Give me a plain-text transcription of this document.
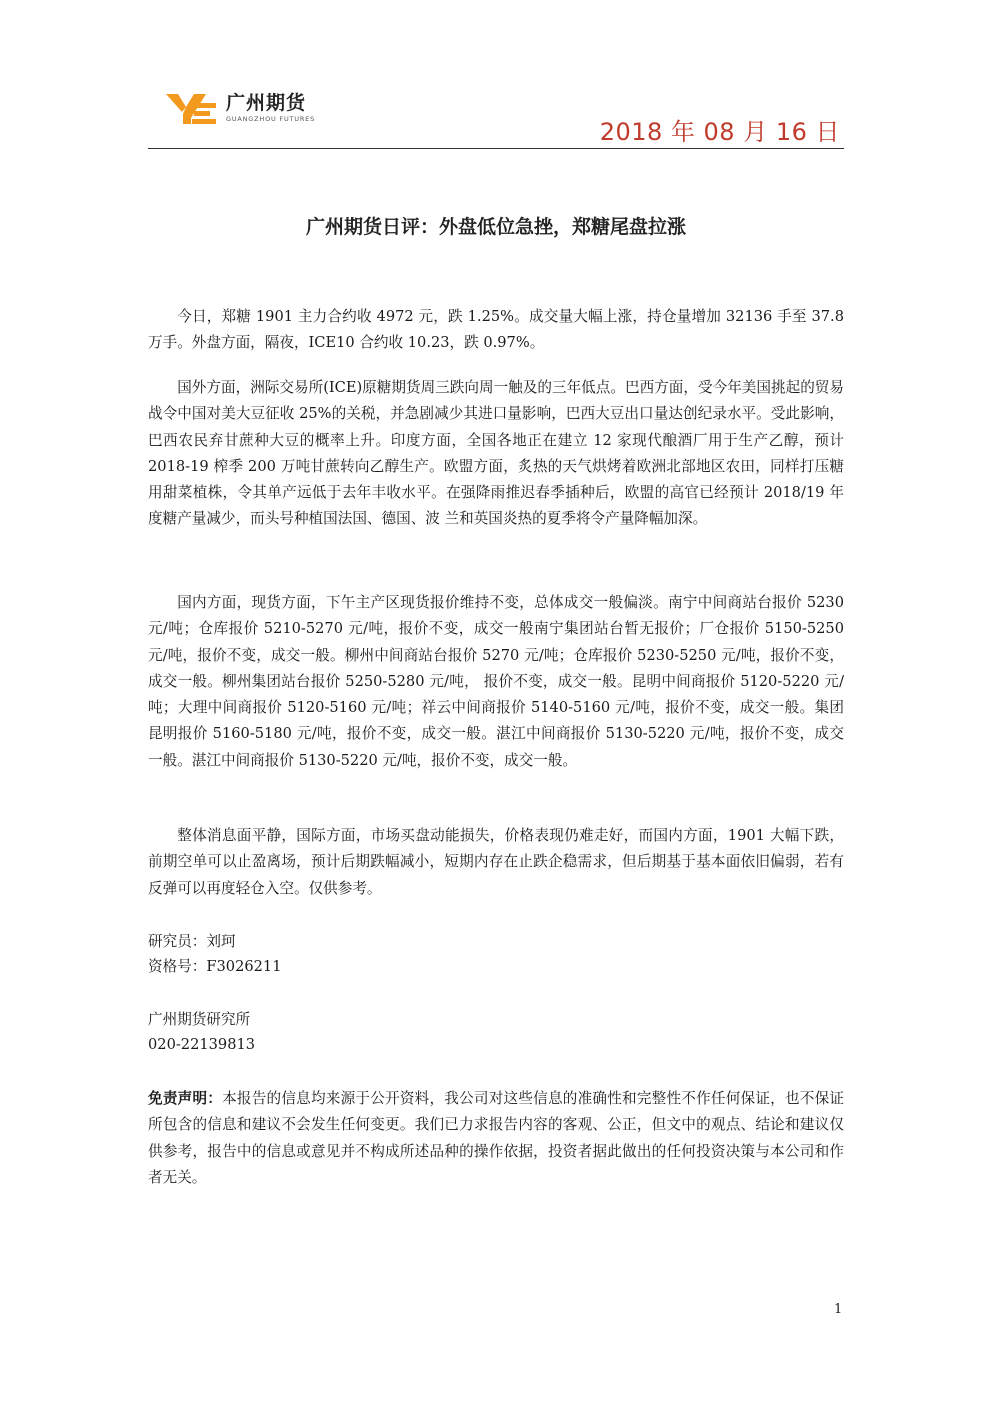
广州期货
GUANGZHOU FUTURES	2018 年 08 月 16 日
广州期货日评：外盘低位急挫，郑糖尾盘拉涨

今日，郑糖 1901 主力合约收 4972 元，跌 1.25%。成交量大幅上涨，持仓量增加 32136 手至 37.8 万手。外盘方面，隔夜，ICE10 合约收 10.23，跌 0.97%。

国外方面，洲际交易所(ICE)原糖期货周三跌向周一触及的三年低点。巴西方面，受今年美国挑起的贸易战令中国对美大豆征收 25%的关税，并急剧减少其进口量影响，巴西大豆出口量达创纪录水平。受此影响，巴西农民弃甘蔗种大豆的概率上升。印度方面，全国各地正在建立 12 家现代酿酒厂用于生产乙醇，预计 2018-19 榨季 200 万吨甘蔗转向乙醇生产。欧盟方面，炙热的天气烘烤着欧洲北部地区农田，同样打压糖用甜菜植株，令其单产远低于去年丰收水平。在强降雨推迟春季插种后，欧盟的高官已经预计 2018/19 年度糖产量减少，而头号种植国法国、德国、波 兰和英国炎热的夏季将令产量降幅加深。

国内方面，现货方面，下午主产区现货报价维持不变，总体成交一般偏淡。南宁中间商站台报价 5230 元/吨；仓库报价 5210-5270 元/吨，报价不变，成交一般南宁集团站台暂无报价；厂仓报价 5150-5250 元/吨，报价不变，成交一般。柳州中间商站台报价 5270 元/吨；仓库报价 5230-5250 元/吨，报价不变，成交一般。柳州集团站台报价 5250-5280 元/吨， 报价不变，成交一般。昆明中间商报价 5120-5220 元/吨；大理中间商报价 5120-5160 元/吨；祥云中间商报价 5140-5160 元/吨，报价不变，成交一般。集团昆明报价 5160-5180 元/吨，报价不变，成交一般。湛江中间商报价 5130-5220 元/吨，报价不变，成交一般。湛江中间商报价 5130-5220 元/吨，报价不变，成交一般。

整体消息面平静，国际方面，市场买盘动能损失，价格表现仍难走好，而国内方面，1901 大幅下跌，前期空单可以止盈离场，预计后期跌幅减小，短期内存在止跌企稳需求，但后期基于基本面依旧偏弱，若有反弹可以再度轻仓入空。仅供参考。

研究员：刘珂
资格号：F3026211
广州期货研究所
020-22139813

免责声明：本报告的信息均来源于公开资料，我公司对这些信息的准确性和完整性不作任何保证，也不保证所包含的信息和建议不会发生任何变更。我们已力求报告内容的客观、公正，但文中的观点、结论和建议仅供参考，报告中的信息或意见并不构成所述品种的操作依据，投资者据此做出的任何投资决策与本公司和作者无关。

1
